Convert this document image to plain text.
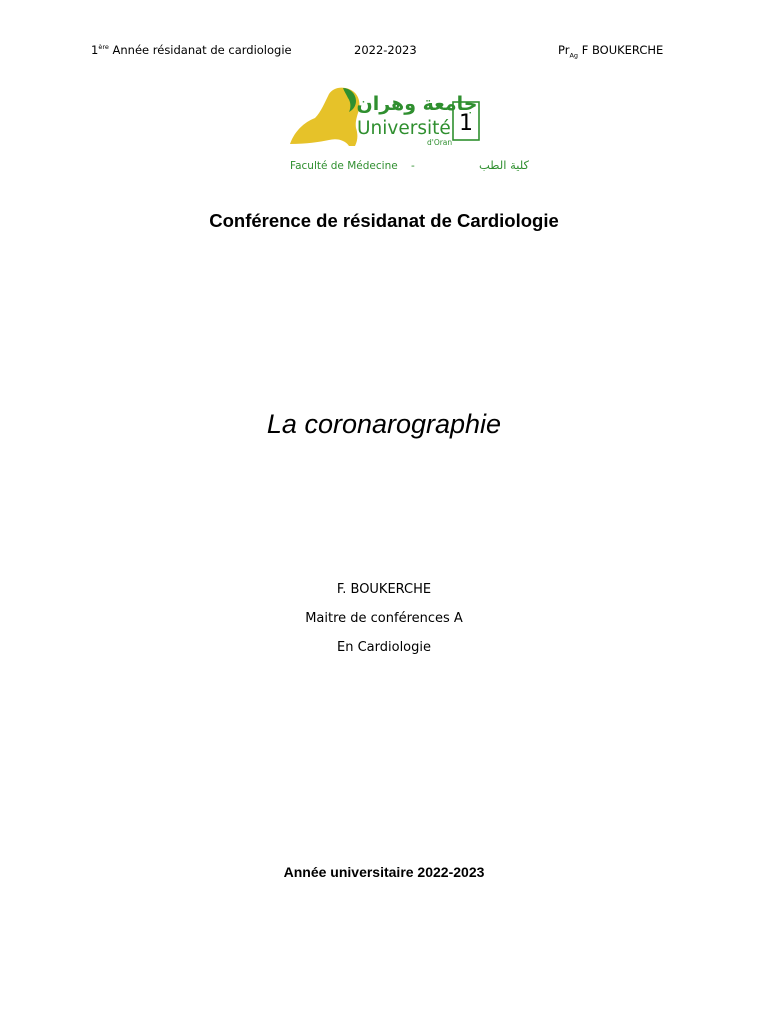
1ère Année résidanat de cardiologie	2022-2023	$Pr_{Ag}$ F BOUKERCHE
جامعة وهران
Université
d'Oran
1
Faculté de Médecine -	كلية الطب
Conférence de résidanat de Cardiologie
La coronarographie
F. BOUKERCHE
Maitre de conférences A
En Cardiologie
Année universitaire 2022-2023
